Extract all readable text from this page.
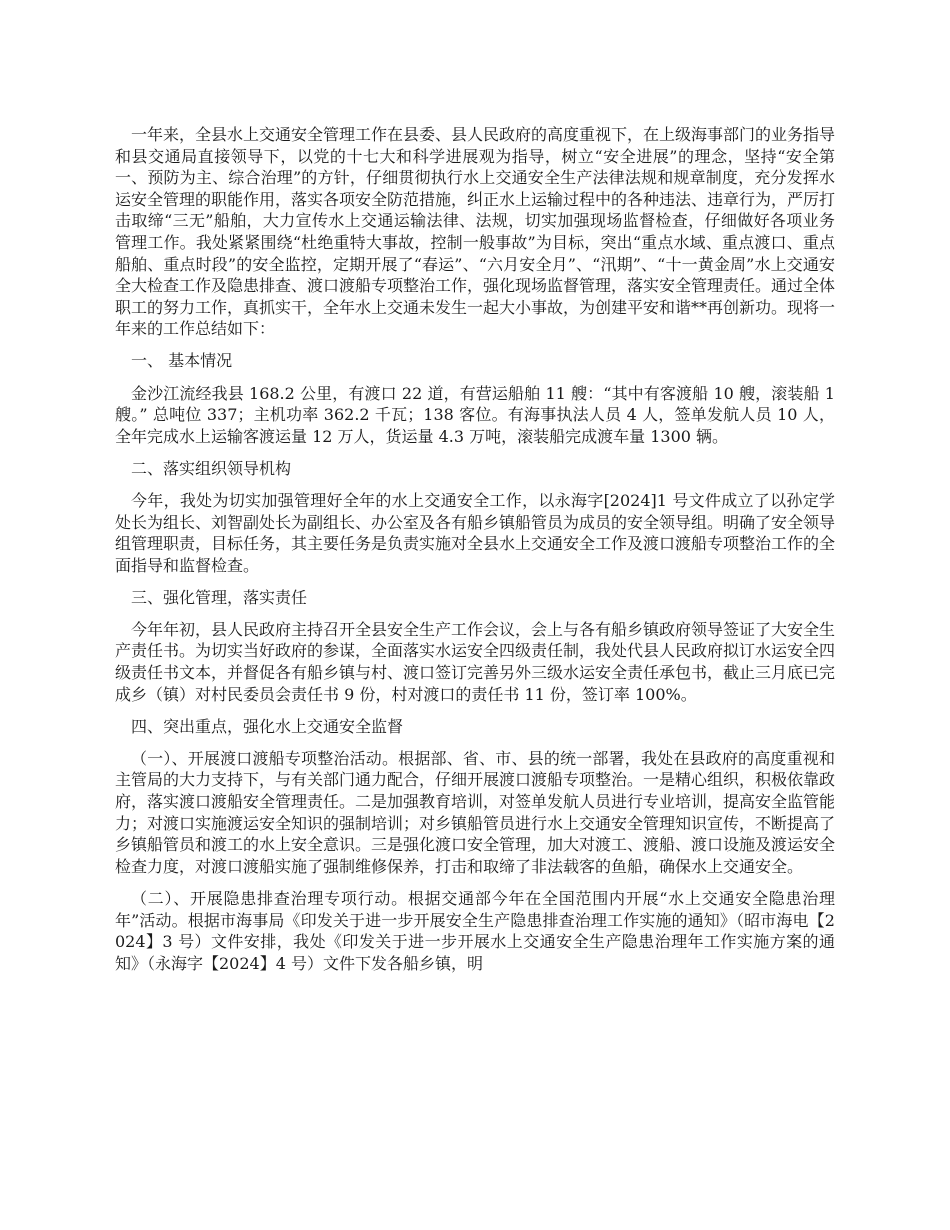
一年来，全县水上交通安全管理工作在县委、县人民政府的高度重视下，在上级海事部门的业务指导和县交通局直接领导下，以党的十七大和科学进展观为指导，树立“安全进展”的理念，坚持“安全第一、预防为主、综合治理”的方针，仔细贯彻执行水上交通安全生产法律法规和规章制度，充分发挥水运安全管理的职能作用，落实各项安全防范措施，纠正水上运输过程中的各种违法、违章行为，严厉打击取缔“三无”船舶，大力宣传水上交通运输法律、法规，切实加强现场监督检查，仔细做好各项业务管理工作。我处紧紧围绕“杜绝重特大事故，控制一般事故”为目标，突出“重点水域、重点渡口、重点船舶、重点时段”的安全监控，定期开展了“春运”、“六月安全月”、“汛期”、“十一黄金周”水上交通安全大检查工作及隐患排查、渡口渡船专项整治工作，强化现场监督管理，落实安全管理责任。通过全体职工的努力工作，真抓实干，全年水上交通未发生一起大小事故，为创建平安和谐**再创新功。现将一年来的工作总结如下：

一、 基本情况

金沙江流经我县 168.2 公里，有渡口 22 道，有营运船舶 11 艘：“其中有客渡船 10 艘，滚装船 1 艘。” 总吨位 337；主机功率 362.2 千瓦；138 客位。有海事执法人员 4 人，签单发航人员 10 人，全年完成水上运输客渡运量 12 万人，货运量 4.3 万吨，滚装船完成渡车量 1300 辆。

二、落实组织领导机构

今年，我处为切实加强管理好全年的水上交通安全工作，以永海字[2024]1 号文件成立了以孙定学处长为组长、刘智副处长为副组长、办公室及各有船乡镇船管员为成员的安全领导组。明确了安全领导组管理职责，目标任务，其主要任务是负责实施对全县水上交通安全工作及渡口渡船专项整治工作的全面指导和监督检查。

三、强化管理，落实责任

今年年初，县人民政府主持召开全县安全生产工作会议，会上与各有船乡镇政府领导签证了大安全生产责任书。为切实当好政府的参谋，全面落实水运安全四级责任制，我处代县人民政府拟订水运安全四级责任书文本，并督促各有船乡镇与村、渡口签订完善另外三级水运安全责任承包书，截止三月底已完成乡（镇）对村民委员会责任书 9 份，村对渡口的责任书 11 份，签订率 100%。

四、突出重点，强化水上交通安全监督

（一）、开展渡口渡船专项整治活动。根据部、省、市、县的统一部署，我处在县政府的高度重视和主管局的大力支持下，与有关部门通力配合，仔细开展渡口渡船专项整治。一是精心组织，积极依靠政府，落实渡口渡船安全管理责任。二是加强教育培训，对签单发航人员进行专业培训，提高安全监管能力；对渡口实施渡运安全知识的强制培训；对乡镇船管员进行水上交通安全管理知识宣传，不断提高了乡镇船管员和渡工的水上安全意识。三是强化渡口安全管理，加大对渡工、渡船、渡口设施及渡运安全检查力度，对渡口渡船实施了强制维修保养，打击和取缔了非法载客的鱼船，确保水上交通安全。

（二）、开展隐患排查治理专项行动。根据交通部今年在全国范围内开展“水上交通安全隐患治理年”活动。根据市海事局《印发关于进一步开展安全生产隐患排查治理工作实施的通知》（昭市海电【2024】3 号）文件安排，我处《印发关于进一步开展水上交通安全生产隐患治理年工作实施方案的通知》（永海字【2024】4 号）文件下发各船乡镇，明
